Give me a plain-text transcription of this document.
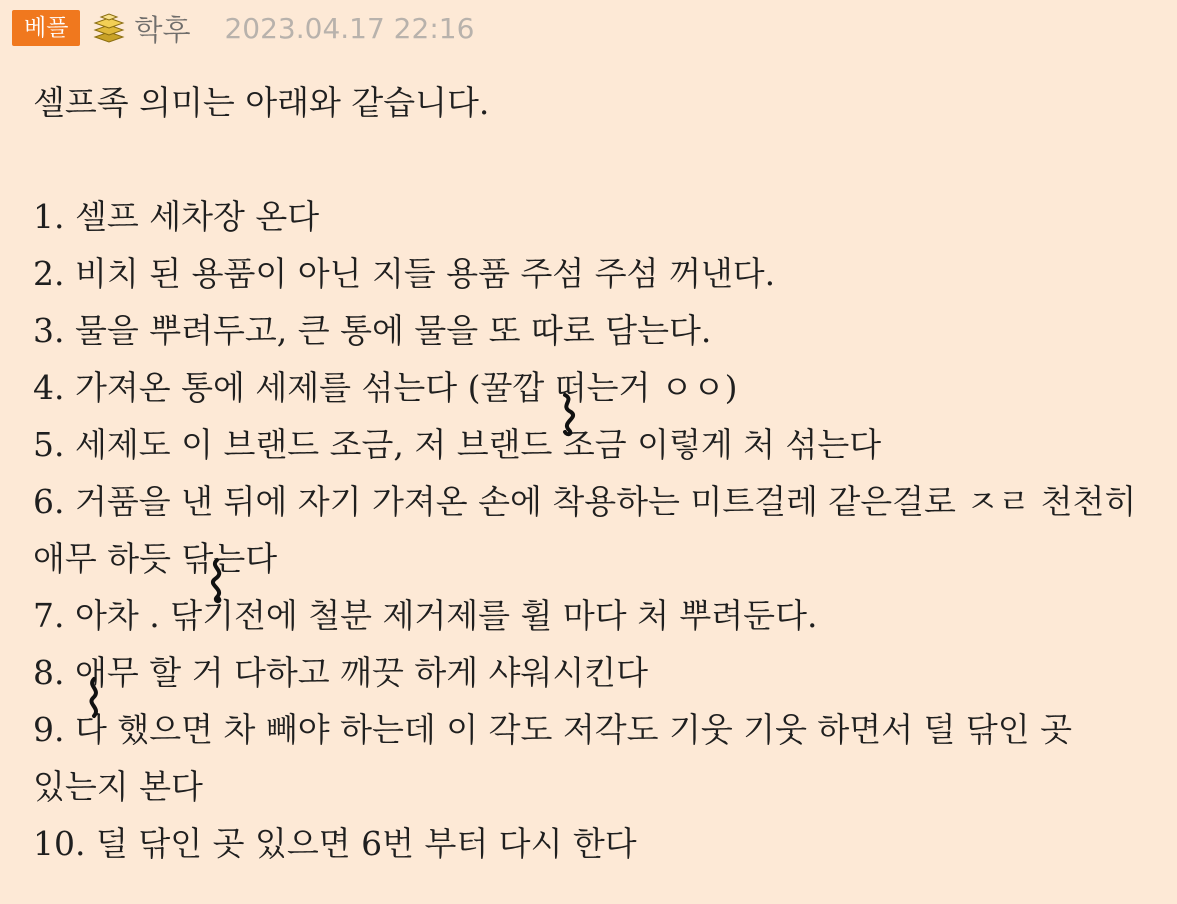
베플	학후 2023.04.17 22:16

셀프족 의미는 아래와 같습니다.

1. 셀프 세차장 온다

2. 비치 된 용품이 아닌 지들 용품 주섬 주섬 꺼낸다.

3. 물을 뿌려두고, 큰 통에 물을 또 따로 담는다.

4. 가져온 통에 세제를 섞는다 (꿀깝 떠는거 ㅇㅇ)

5. 세제도 이 브랜드 조금, 저 브랜드 조금 이렇게 처 섞는다

6. 거품을 낸 뒤에 자기 가져온 손에 착용하는 미트걸레 같은걸로 ㅈㄹ 천천히 애무 하듯 닦는다

7. 아차 . 닦기전에 철분 제거제를 휠 마다 처 뿌려둔다.

8. 애무 할 거 다하고 깨끗 하게 샤워시킨다

9. 다 했으면 차 빼야 하는데 이 각도 저각도 기웃 기웃 하면서 덜 닦인 곳 있는지 본다

10. 덜 닦인 곳 있으면 6번 부터 다시 한다
